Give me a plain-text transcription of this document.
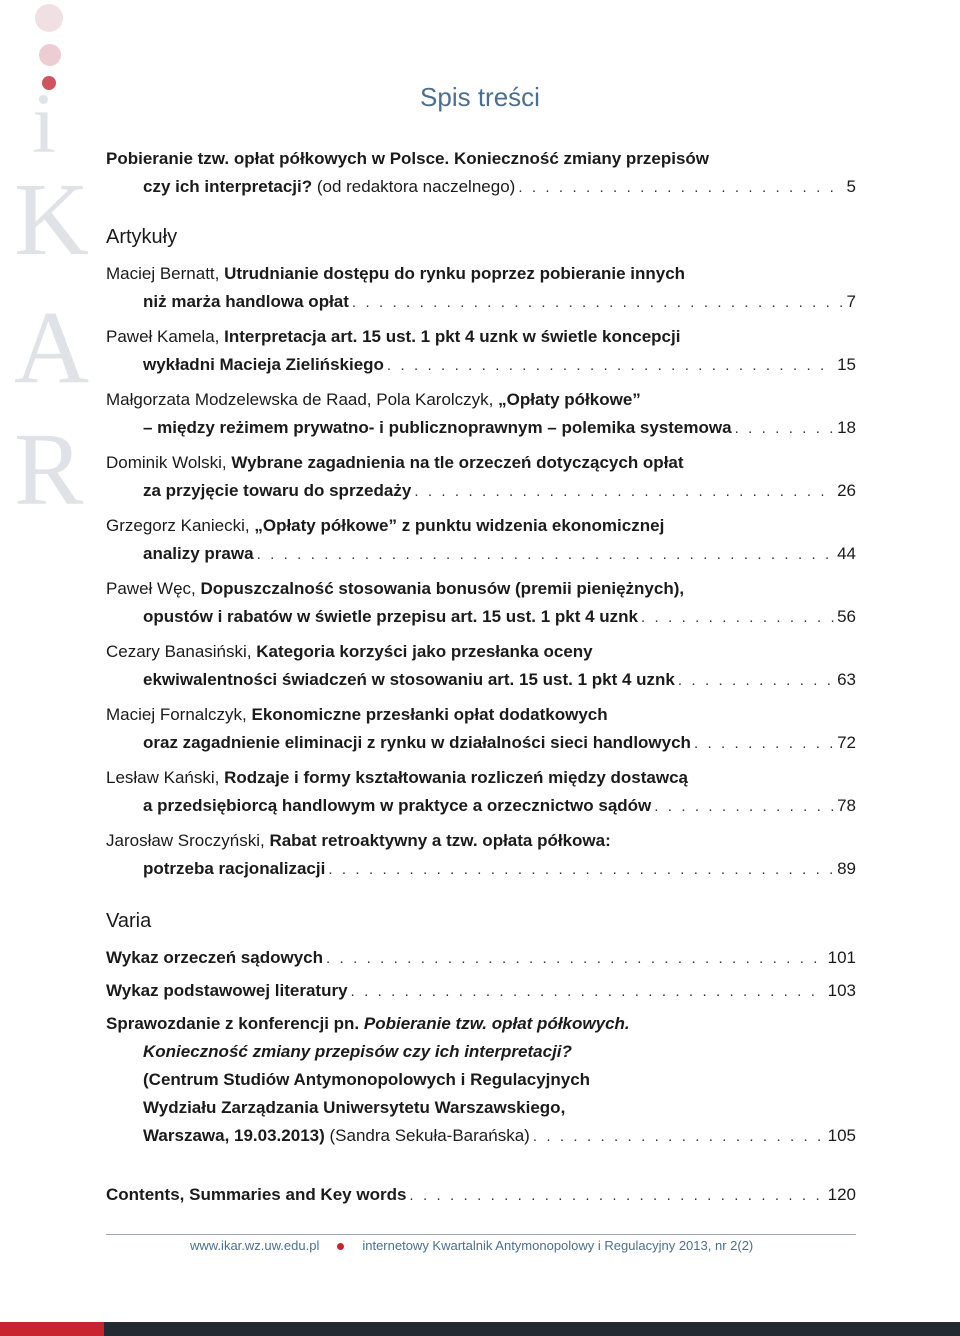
i
K
A
R
Spis treści
Pobieranie tzw. opłat półkowych w Polsce. Konieczność zmiany przepisów
czy ich interpretacji? (od redaktora naczelnego) . . .	5
Artykuły
Maciej Bernatt, Utrudnianie dostępu do rynku poprzez pobieranie innych
niż marża handlowa opłat . . .	7
Paweł Kamela, Interpretacja art. 15 ust. 1 pkt 4 uznk w świetle koncepcji
wykładni Macieja Zielińskiego . . .	15
Małgorzata Modzelewska de Raad, Pola Karolczyk, „Opłaty półkowe”
– między reżimem prywatno- i publicznoprawnym – polemika systemowa . . .	18
Dominik Wolski, Wybrane zagadnienia na tle orzeczeń dotyczących opłat
za przyjęcie towaru do sprzedaży . . .	26
Grzegorz Kaniecki, „Opłaty półkowe” z punktu widzenia ekonomicznej
analizy prawa . . .	44
Paweł Węc, Dopuszczalność stosowania bonusów (premii pieniężnych),
opustów i rabatów w świetle przepisu art. 15 ust. 1 pkt 4 uznk . . .	56
Cezary Banasiński, Kategoria korzyści jako przesłanka oceny
ekwiwalentności świadczeń w stosowaniu art. 15 ust. 1 pkt 4 uznk . . .	63
Maciej Fornalczyk, Ekonomiczne przesłanki opłat dodatkowych
oraz zagadnienie eliminacji z rynku w działalności sieci handlowych . . .	72
Lesław Kański, Rodzaje i formy kształtowania rozliczeń między dostawcą
a przedsiębiorcą handlowym w praktyce a orzecznictwo sądów . . .	78
Jarosław Sroczyński, Rabat retroaktywny a tzw. opłata półkowa:
potrzeba racjonalizacji . . .	89
Varia
Wykaz orzeczeń sądowych . . .	101
Wykaz podstawowej literatury . . .	103
Sprawozdanie z konferencji pn. Pobieranie tzw. opłat półkowych.
Konieczność zmiany przepisów czy ich interpretacji?
(Centrum Studiów Antymonopolowych i Regulacyjnych
Wydziału Zarządzania Uniwersytetu Warszawskiego,
Warszawa, 19.03.2013) (Sandra Sekuła-Barańska) . . .	105
Contents, Summaries and Key words . . .	120
www.ikar.wz.uw.edu.pl	internetowy Kwartalnik Antymonopolowy i Regulacyjny 2013, nr 2(2)
